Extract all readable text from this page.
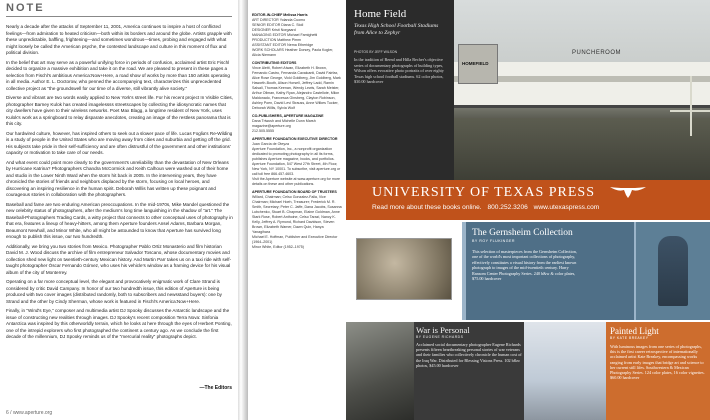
NOTE

Nearly a decade after the attacks of September 11, 2001, America continues to inspire a host of conflicted feelings—from admiration to heated criticism—both within its borders and around the globe. Artists grapple with these unpredictable, baffling, frightening—and sometimes wondrous—times, probing and engaged with what might loosely be called the American psyche, the contested landscape and culture in this moment of flux and political division.

In the belief that art may serve as a powerful unifying force in periods of confusion, acclaimed artist Eric Fischl decided to organize a massive exhibition and take it on the road. We are pleased to present in these pages a selection from Fischl's ambitious America:Now+Here, a road show of works by more than 150 artists operating in all media. Author E. L. Doctorow, who penned the accompanying text, characterizes this unprecedented collective project as "the groundswell for our time of a diverse, still vibrantly alive society."

Diverse and vibrant are two words easily applied to New York's street life. For his recent project In Visible Cities, photographer Barney Kulok has created imagelessss streetscapes by collecting the idiosyncratic names that city dwellers have given to their wireless networks. Poet Max Blagg, a longtime resident of New York, uses Kulok's work as a springboard to relay disparate anecdotes, creating an image of the restless panorama that is this city.

Our hardwired culture, however, has inspired others to seek out a slower pace of life. Lucas Foglia's Re-Wilding is a study of people in the United States who are moving away from cities and suburbia and getting off the grid. His subjects take pride in their self-sufficiency and are often distrustful of the government and other institutions' capacity or motivation to take care of our needs.

And what event could point more clearly to the government's unreliability than the devastation of New Orleans by Hurricane Katrina? Photographers Chandra McCormick and Keith Calhoun were washed out of their home and studio in the Lower Ninth Ward when the storm hit back in 2005. In the intervening years, they have chronicled the stories of friends and neighbors displaced by the storm, focusing on local heroes, and discovering an inspiring resilience in the human spirit. Deborah Willis has written up these poignant and courageous stories in collaboration with the photographers.

Baseball and fame are two enduring American preoccupations. In the mid-1970s, Mike Mandel questioned the new celebrity status of photographers, after the medium's long time languishing in the shadow of "art." The Baseball-Photographers Trading Cards, a witty project that connects to other conceptual uses of photography in that era, features a lineup of heavy-hitters, among them Aperture founders Ansel Adams, Barbara Morgan, Beaumont Newhall, and Minor White, who all might be astounded to know that Aperture has survived long enough to publish this issue, our two hundredth.

Additionally, we bring you two stories from Mexico. Photographer Pablo Ortiz Monasterio and film historian David M. J. Wood discuss the archive of film entrepreneur Salvador Toscano, whose documentary movies and collection shed new light on twentieth-century Mexican history. And Martin Parr takes us on a taxi ride with self-taught photographer Óscar Fernando Gómez, who uses his vehicle's window as a framing device for his visual album of the city of Monterrey.

Operating on a far more conceptual level, the elegant and provocatively enigmatic work of Clare Strand is considered by critic David Campany. In honor of our two hundredth issue, this edition of Aperture is being produced with two cover images (distributed randomly, both to subscribers and newsstand buyers): one by Strand and the other by Cindy Sherman, whose work is featured in Fischl's America:Now+Here.

Finally, in "Wind's Eye," composer and multimedia artist DJ Spooky discusses the Antarctic landscape and the issue of constructing new realities through images. DJ Spooky's recent composition Terra Nova: Sinfonia Antarctica was inspired by this otherworldly terrain, which he looks at here through the eyes of Herbert Ponting, one of the intrepid explorers who first photographed the continent a century ago. As we conclude the first decade of the millennium, DJ Spooky reminds us of the "mercurial reality" photographs depict.

—The Editors
6 / www.aperture.org
EDITOR-IN-CHIEF Melissa Harris
ART DIRECTOR Yolanda Cuomo
SENIOR EDITOR Diana C. Stoll
DESIGNER Kristi Norgaard
MANAGING EDITOR Michael Famighetti
PRODUCTION Matthew Pimm
ASSISTANT EDITOR Nema Etheridge
WORK SCHOLARS Heather Dorsey, Paola Kogler, Alicia Niemann
CONTRIBUTING EDITORS
Vince Aletti, Robert Atwan, Elizabeth H. Brown, Fernando Castro, Fernanda Cavalcanti, David Fairfax, Alice Rose George, Vicki Goldberg, Jim Goldberg, Mark Haworth-Booth, Alison Horsell, Jeffrey Ladd, Ramin Salsali, Thomas Keenan, Wendy Lewis, Sarah Meister, Arthur Ollman, Kathy Ryan, Alejandro Castellote, Milon Maldonado, Francesca Ginsberg, Clayton Robinson, Ashley Poen, David Levi Strauss, Anne Wilkes Tucker, Deborah Willis, Sylvia Wolf
CO-PUBLISHERS, APERTURE MAGAZINE
Dana Triwush and Michelle Dunn Marsh
magazine@aperture.org
212.505.5555
APERTURE FOUNDATION EXECUTIVE DIRECTOR
Juan García de Oteyza
Aperture Foundation, Inc., a nonprofit organization dedicated to promoting photography in all its forms, publishes Aperture magazine, books, and portfolios. Aperture Foundation, 547 West 27th Street, 4th Floor, New York, NY 10001. To subscribe, visit aperture.org or call toll free 866.457.4603.
Visit the Aperture website at www.aperture.org for more details on these and other publications.
APERTURE FOUNDATION BOARD OF TRUSTEES
Willard, Chairman; Celso Gonzalez-Falla, Vice Chairman; Michael Hoeh, Treasurer; Frederick M. R. Smith, Secretary; Peter C. Jaffe, Dana Jacobs, Susanna Lubchenko, Stuart B. Chapman, Elaine Goldman, Anne Stark Rose, Robert Anthoine, Celso Tarazi, Nancy K. Kelly, Jeffrey A. Rymond, Richard Davidson, Steven Brown, Elizabeth Warner, Dawn Quin, Hanya Yanagihara
Michael E. Hoffman, Publisher and Executive Director (1964–2001)
Minor White, Editor (1952–1975)
Home Field
Texas High School Football Stadiums from Alice to Zephyr
PHOTOS BY JEFF WILSON
In the tradition of Bernd and Hilla Becher's objective series of documentary photographs of building types, Wilson offers evocative photo portraits of over eighty Texas high school football stadiums. 62 color photos, $30.00 hardcover
PUNCHEROOM
HOMEFIELD
UNIVERSITY OF TEXAS PRESS
Read more about these books online. 800.252.3206 www.utexaspress.com
The Gernsheim Collection
BY ROY FLUKINGER
This selection of masterpieces from the Gernsheim Collection, one of the world's most important collections of photography, effectively constitutes a visual history from the earliest known photograph to images of the mid-twentieth century. Harry Ransom Center Photography Series. 240 b&w & color plates, $75.00 hardcover
War is Personal
BY EUGENE RICHARDS
Acclaimed social documentary photographer Eugene Richards presents fifteen heartbreaking personal stories of war veterans and their families who collectively chronicle the human cost of the Iraq War. Distributed for Blessing Visions Press. 102 b&w photos, $45.00 hardcover
Painted Light
BY KATE BREAKEY
With luminous images from one series of photographs, this is the first career retrospective of internationally acclaimed artist Kate Breakey, encompassing works ranging from early images that bridge art and science to her current still lifes. Southwestern & Mexican Photography Series. 124 color plates, 16 color vignettes. $60.00 hardcover
